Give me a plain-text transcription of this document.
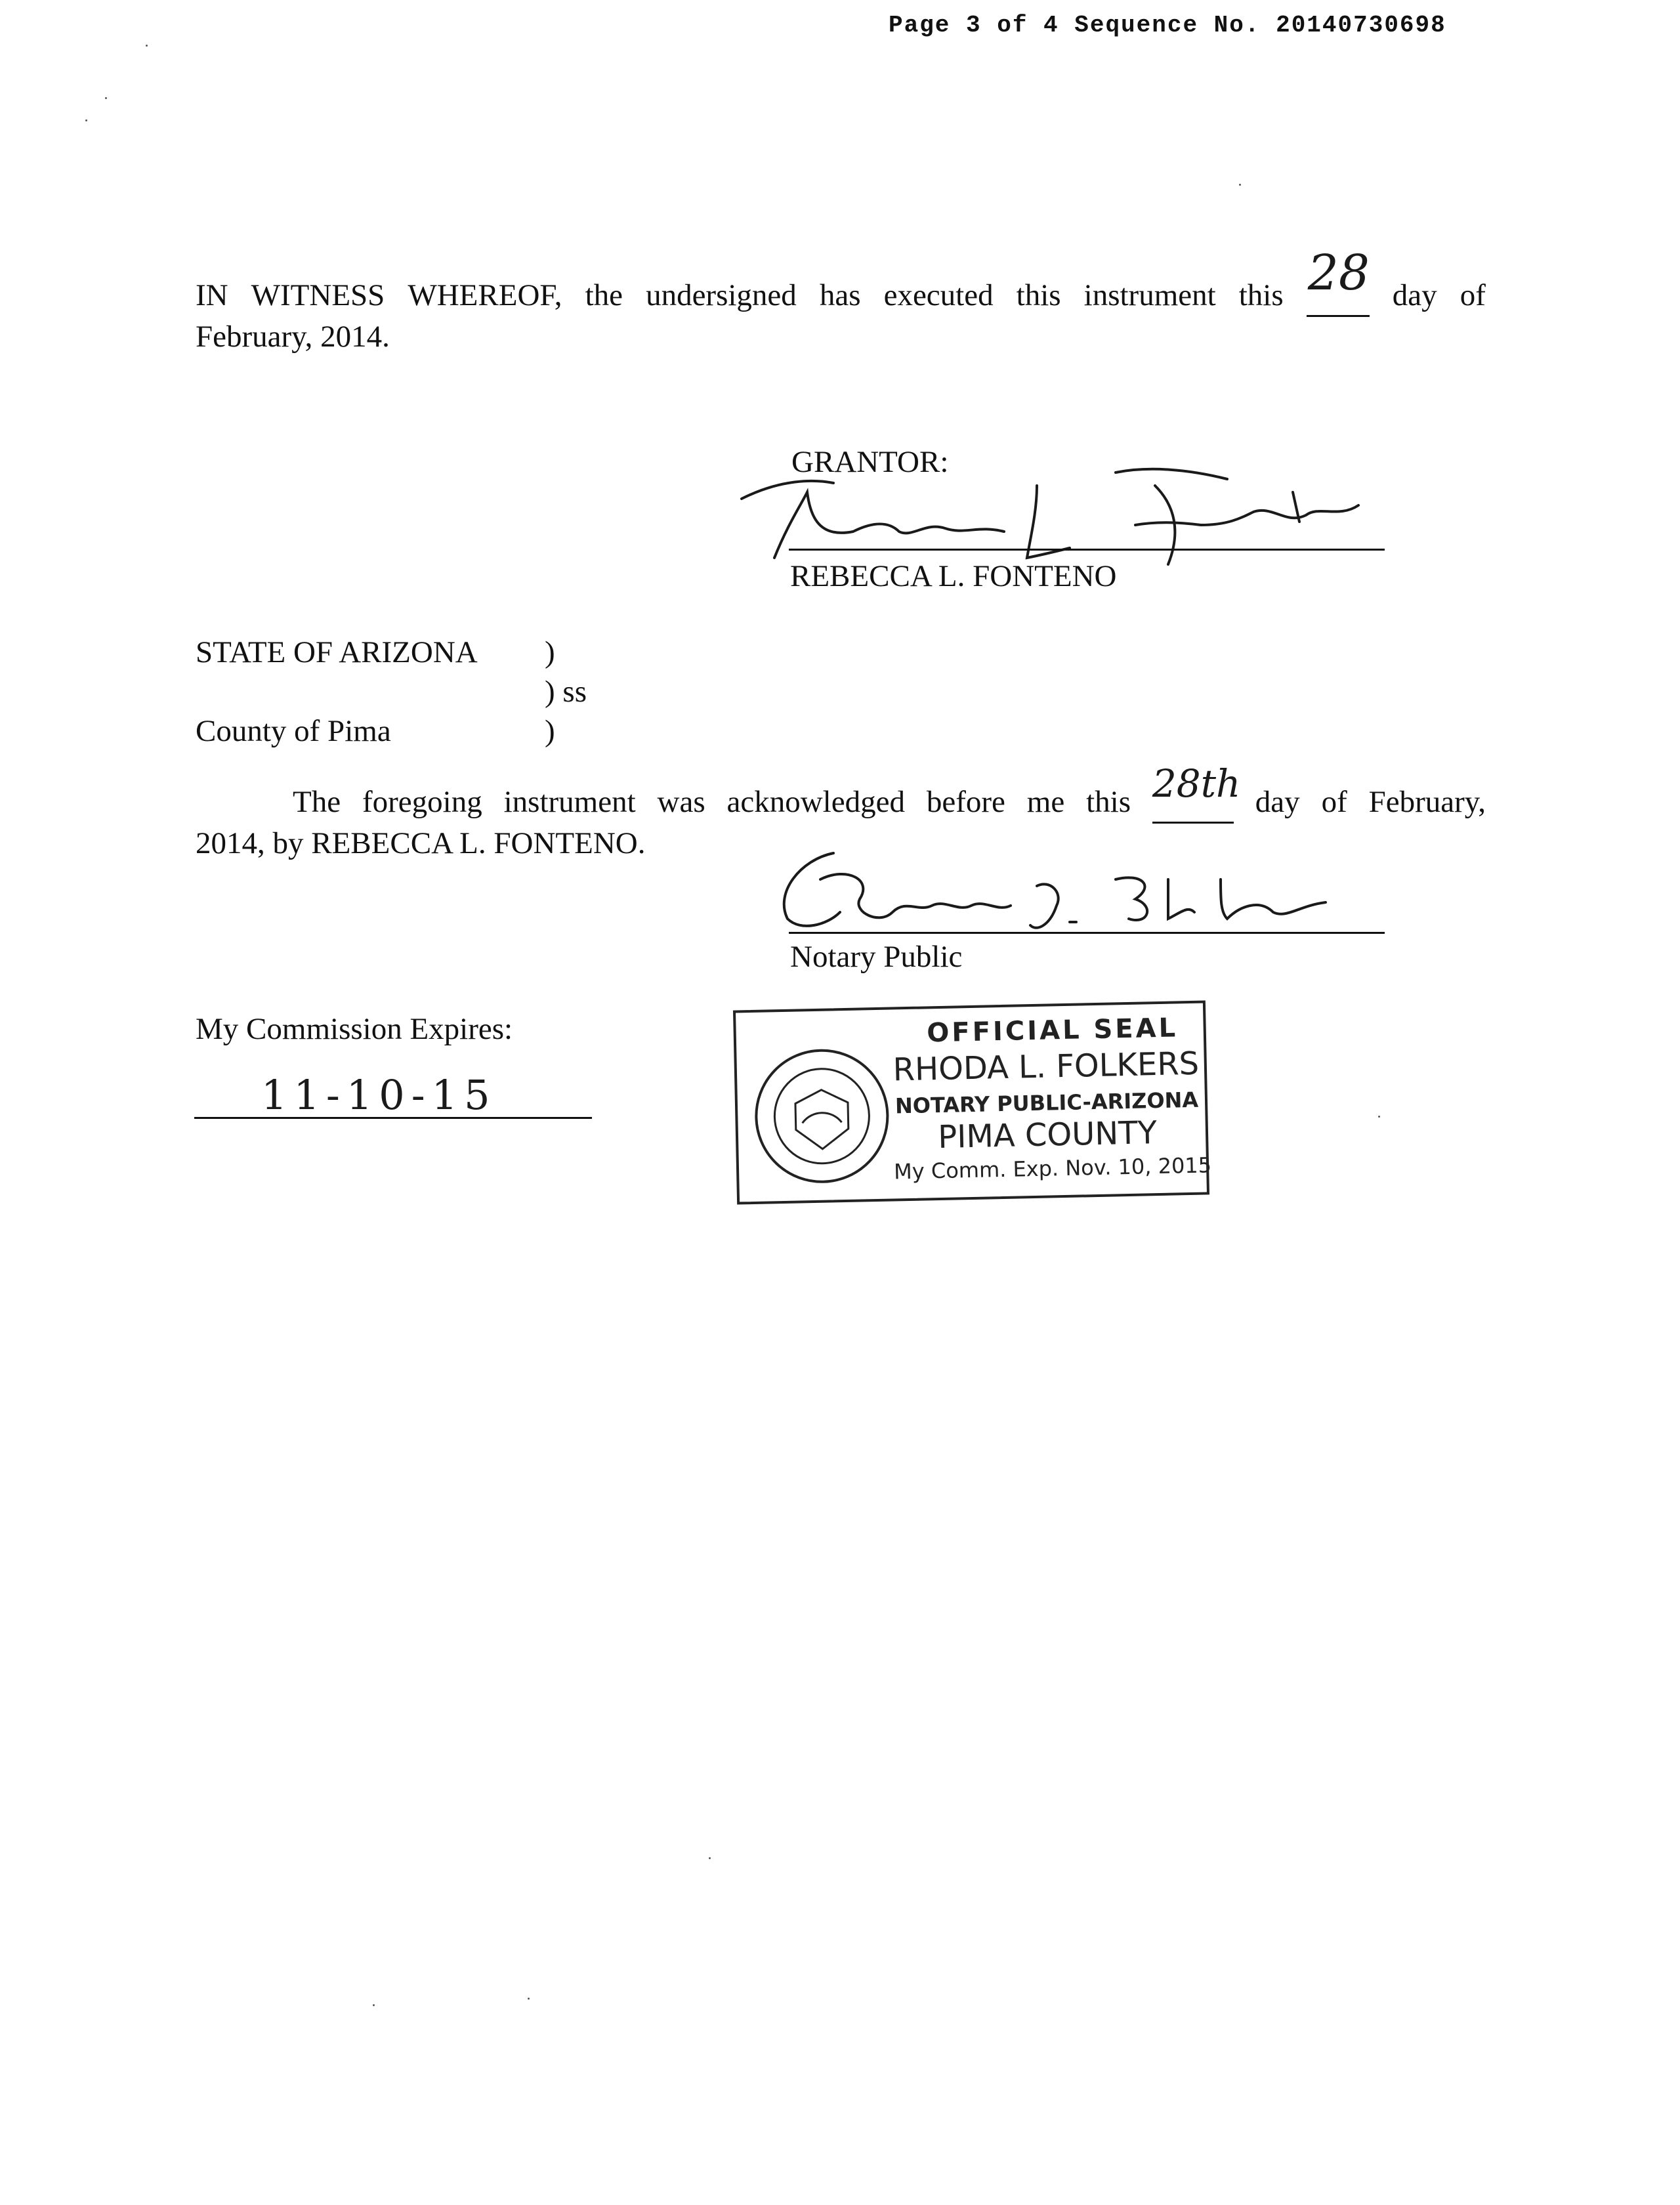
Page 3 of 4 Sequence No. 20140730698
IN WITNESS WHEREOF, the undersigned has executed this instrument this 28
day of
February, 2014.
GRANTOR:
REBECCA L. FONTENO
STATE OF ARIZONA )
) ss
County of Pima	)
The foregoing instrument was acknowledged before me this 28th
day of February,
2014, by REBECCA L. FONTENO.
Notary Public
My Commission Expires:
11-10-15
OFFICIAL SEAL
RHODA L. FOLKERS
NOTARY PUBLIC-ARIZONA
PIMA COUNTY
My Comm. Exp. Nov. 10, 2015
